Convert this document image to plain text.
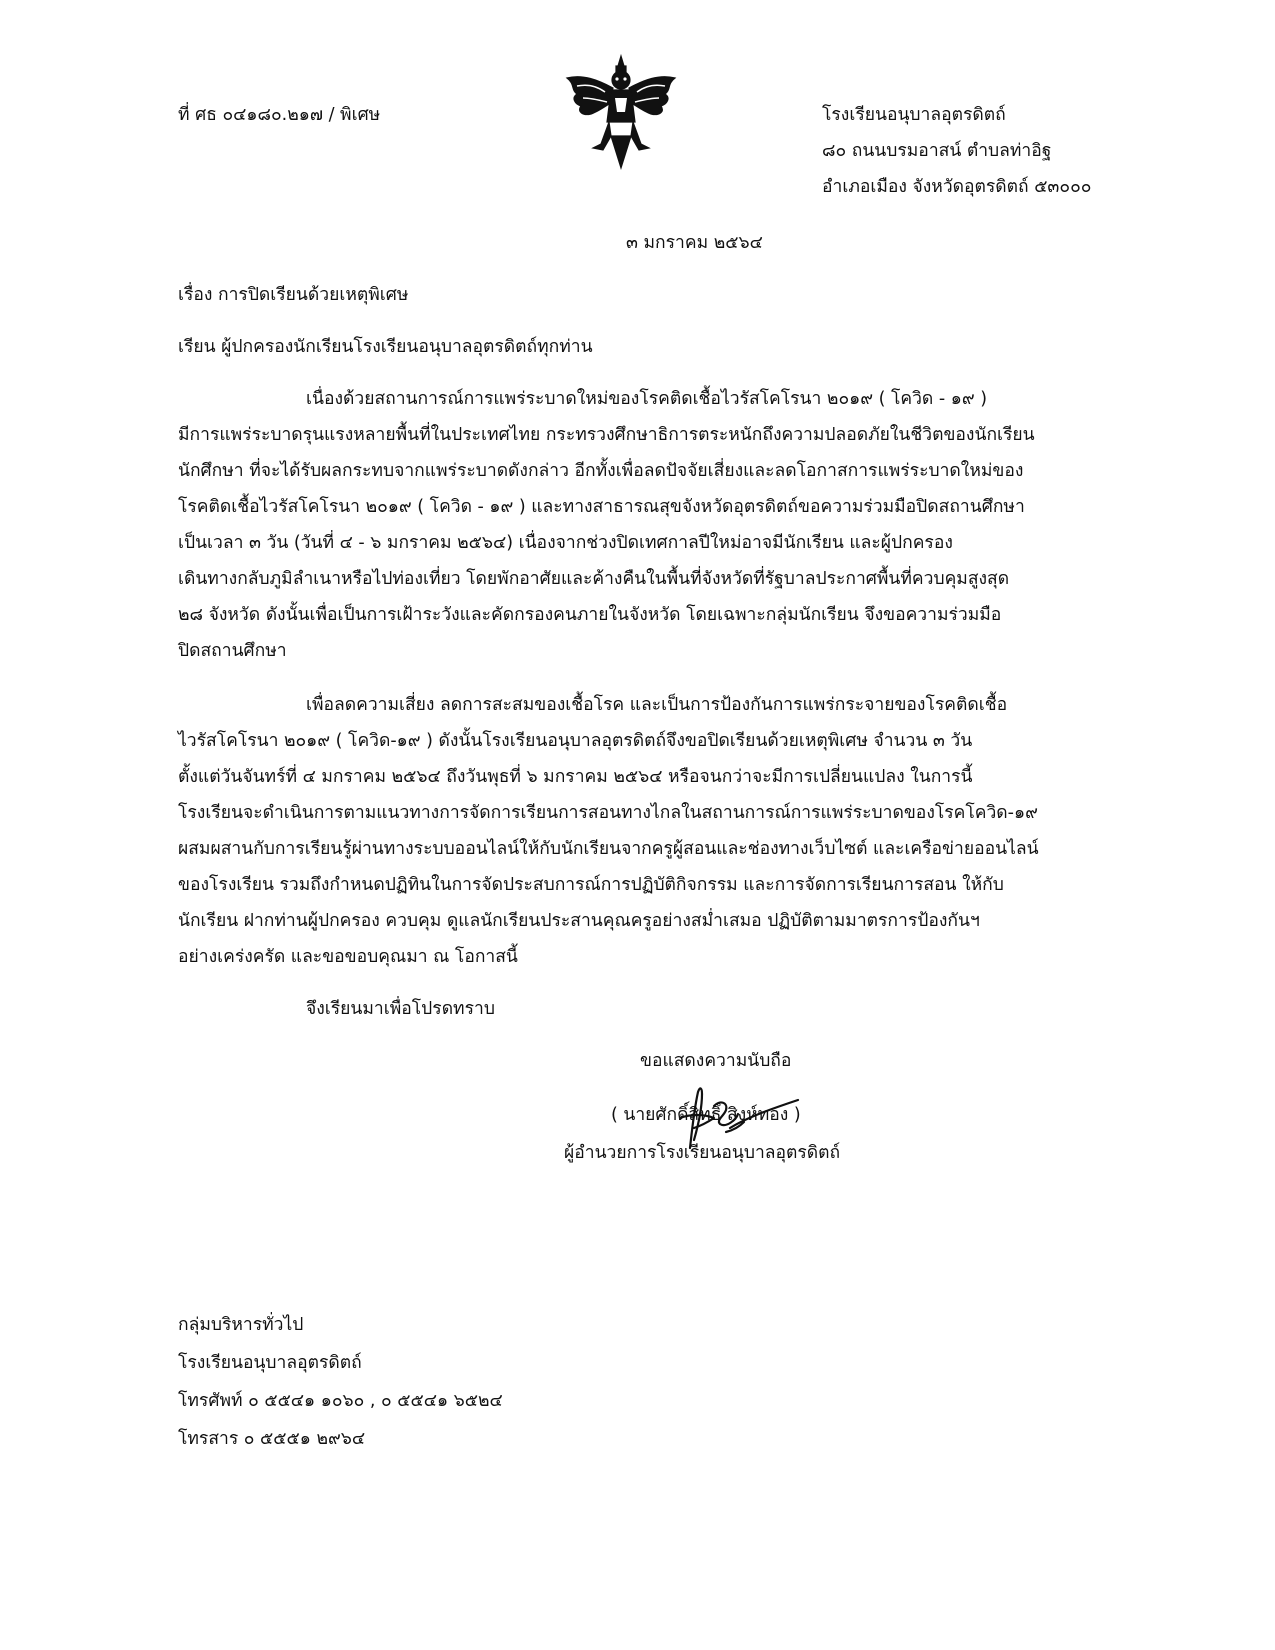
ที่ ศธ ๐๔๑๘๐.๒๑๗ / พิเศษ	โรงเรียนอนุบาลอุตรดิตถ์
๘๐ ถนนบรมอาสน์ ตำบลท่าอิฐ
อำเภอเมือง จังหวัดอุตรดิตถ์ ๕๓๐๐๐
๓ มกราคม ๒๕๖๔
เรื่อง การปิดเรียนด้วยเหตุพิเศษ
เรียน ผู้ปกครองนักเรียนโรงเรียนอนุบาลอุตรดิตถ์ทุกท่าน
เนื่องด้วยสถานการณ์การแพร่ระบาดใหม่ของโรคติดเชื้อไวรัสโคโรนา ๒๐๑๙ ( โควิด - ๑๙ )
มีการแพร่ระบาดรุนแรงหลายพื้นที่ในประเทศไทย กระทรวงศึกษาธิการตระหนักถึงความปลอดภัยในชีวิตของนักเรียน
นักศึกษา ที่จะได้รับผลกระทบจากแพร่ระบาดดังกล่าว อีกทั้งเพื่อลดปัจจัยเสี่ยงและลดโอกาสการแพร่ระบาดใหม่ของ
โรคติดเชื้อไวรัสโคโรนา ๒๐๑๙ ( โควิด - ๑๙ ) และทางสาธารณสุขจังหวัดอุตรดิตถ์ขอความร่วมมือปิดสถานศึกษา
เป็นเวลา ๓ วัน (วันที่ ๔ - ๖ มกราคม ๒๕๖๔) เนื่องจากช่วงปิดเทศกาลปีใหม่อาจมีนักเรียน และผู้ปกครอง
เดินทางกลับภูมิลำเนาหรือไปท่องเที่ยว โดยพักอาศัยและค้างคืนในพื้นที่จังหวัดที่รัฐบาลประกาศพื้นที่ควบคุมสูงสุด
๒๘ จังหวัด ดังนั้นเพื่อเป็นการเฝ้าระวังและคัดกรองคนภายในจังหวัด โดยเฉพาะกลุ่มนักเรียน จึงขอความร่วมมือ
ปิดสถานศึกษา
เพื่อลดความเสี่ยง ลดการสะสมของเชื้อโรค และเป็นการป้องกันการแพร่กระจายของโรคติดเชื้อ
ไวรัสโคโรนา ๒๐๑๙ ( โควิด-๑๙ ) ดังนั้นโรงเรียนอนุบาลอุตรดิตถ์จึงขอปิดเรียนด้วยเหตุพิเศษ จำนวน ๓ วัน
ตั้งแต่วันจันทร์ที่ ๔ มกราคม ๒๕๖๔ ถึงวันพุธที่ ๖ มกราคม ๒๕๖๔ หรือจนกว่าจะมีการเปลี่ยนแปลง ในการนี้
โรงเรียนจะดำเนินการตามแนวทางการจัดการเรียนการสอนทางไกลในสถานการณ์การแพร่ระบาดของโรคโควิด-๑๙
ผสมผสานกับการเรียนรู้ผ่านทางระบบออนไลน์ให้กับนักเรียนจากครูผู้สอนและช่องทางเว็บไซต์ และเครือข่ายออนไลน์
ของโรงเรียน รวมถึงกำหนดปฏิทินในการจัดประสบการณ์การปฏิบัติกิจกรรม และการจัดการเรียนการสอน ให้กับ
นักเรียน ฝากท่านผู้ปกครอง ควบคุม ดูแลนักเรียนประสานคุณครูอย่างสม่ำเสมอ ปฏิบัติตามมาตรการป้องกันฯ
อย่างเคร่งครัด และขอขอบคุณมา ณ โอกาสนี้
จึงเรียนมาเพื่อโปรดทราบ
ขอแสดงความนับถือ
( นายศักดิ์สิทธิ์ สิงห์ทอง )
ผู้อำนวยการโรงเรียนอนุบาลอุตรดิตถ์
กลุ่มบริหารทั่วไป
โรงเรียนอนุบาลอุตรดิตถ์
โทรศัพท์ ๐ ๕๕๔๑ ๑๐๖๐ , ๐ ๕๕๔๑ ๖๕๒๔
โทรสาร ๐ ๕๕๕๑ ๒๙๖๔
